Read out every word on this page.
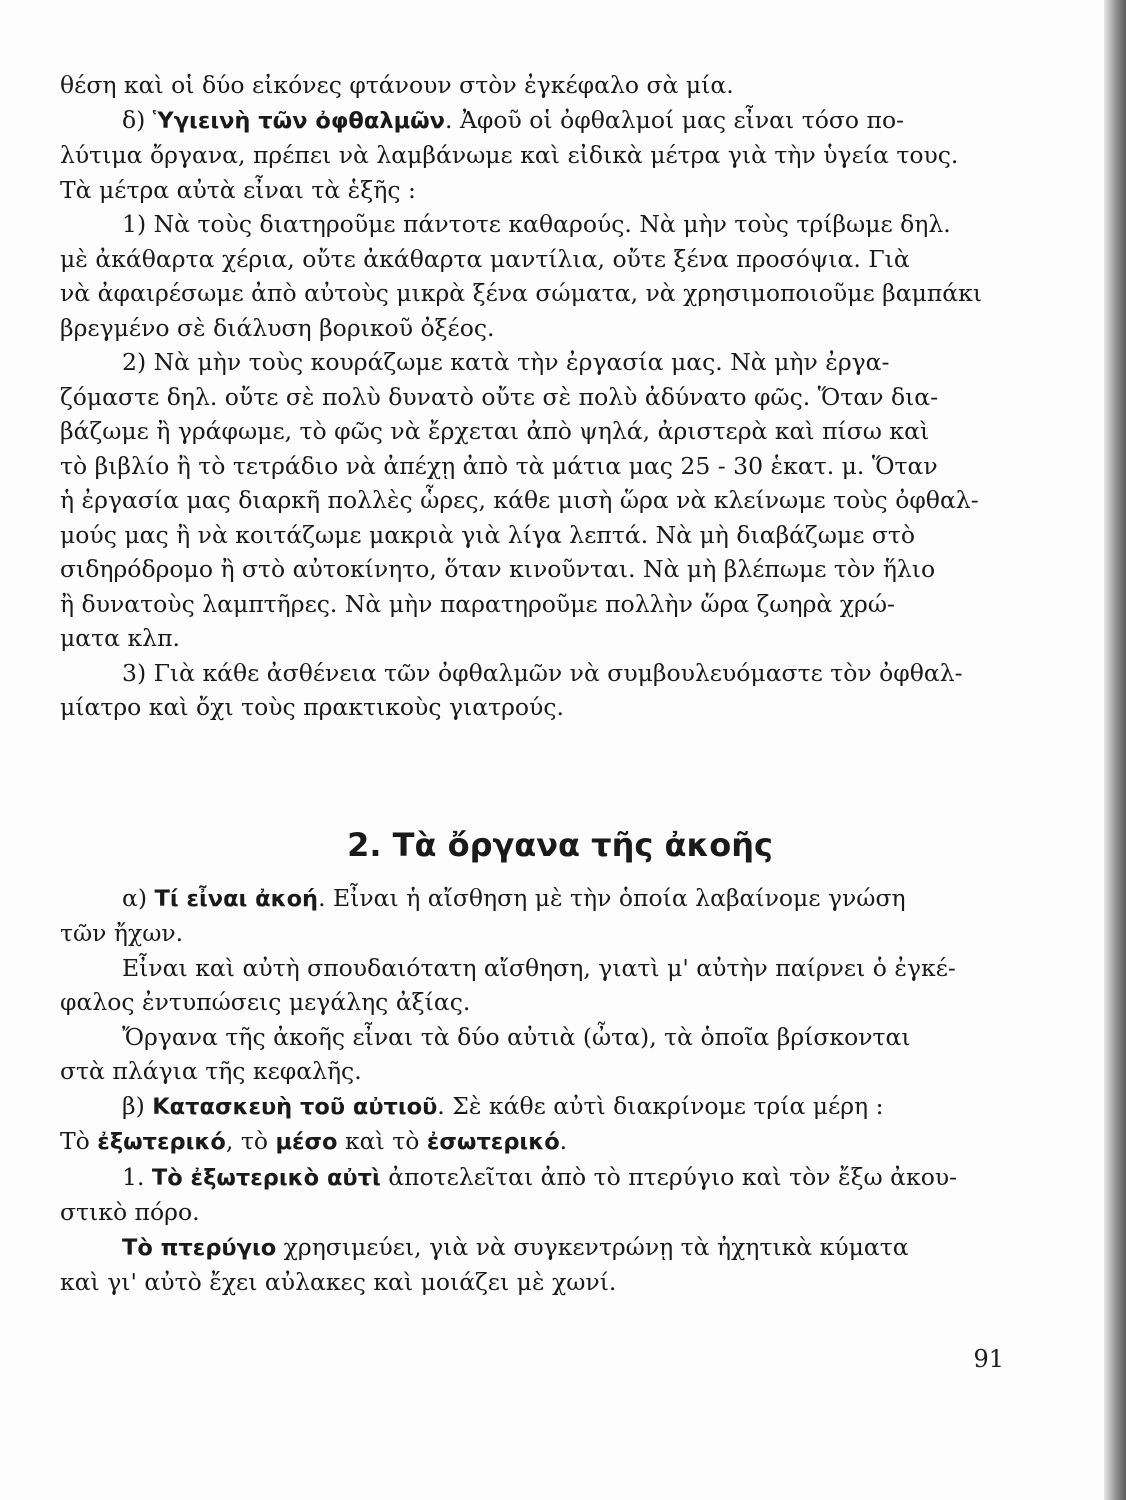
θέση καὶ οἱ δύο εἰκόνες φτάνουν στὸν ἐγκέφαλο σὰ μία.
δ) Ὑγιεινὴ τῶν ὀφθαλμῶν. Ἀφοῦ οἱ ὀφθαλμοί μας εἶναι τόσο πο-
λύτιμα ὄργανα, πρέπει νὰ λαμβάνωμε καὶ εἰδικὰ μέτρα γιὰ τὴν ὑγεία τους.
Τὰ μέτρα αὐτὰ εἶναι τὰ ἑξῆς :
1) Νὰ τοὺς διατηροῦμε πάντοτε καθαρούς. Νὰ μὴν τοὺς τρίβωμε δηλ.
μὲ ἀκάθαρτα χέρια, οὔτε ἀκάθαρτα μαντίλια, οὔτε ξένα προσόψια. Γιὰ
νὰ ἀφαιρέσωμε ἀπὸ αὐτοὺς μικρὰ ξένα σώματα, νὰ χρησιμοποιοῦμε βαμπάκι
βρεγμένο σὲ διάλυση βορικοῦ ὀξέος.
2) Νὰ μὴν τοὺς κουράζωμε κατὰ τὴν ἐργασία μας. Νὰ μὴν ἐργα-
ζόμαστε δηλ. οὔτε σὲ πολὺ δυνατὸ οὔτε σὲ πολὺ ἀδύνατο φῶς. Ὅταν δια-
βάζωμε ἢ γράφωμε, τὸ φῶς νὰ ἔρχεται ἀπὸ ψηλά, ἀριστερὰ καὶ πίσω καὶ
τὸ βιβλίο ἢ τὸ τετράδιο νὰ ἀπέχῃ ἀπὸ τὰ μάτια μας 25 - 30 ἑκατ. μ. Ὅταν
ἡ ἐργασία μας διαρκῆ πολλὲς ὧρες, κάθε μισὴ ὥρα νὰ κλείνωμε τοὺς ὀφθαλ-
μούς μας ἢ νὰ κοιτάζωμε μακριὰ γιὰ λίγα λεπτά. Νὰ μὴ διαβάζωμε στὸ
σιδηρόδρομο ἢ στὸ αὐτοκίνητο, ὅταν κινοῦνται. Νὰ μὴ βλέπωμε τὸν ἥλιο
ἢ δυνατοὺς λαμπτῆρες. Νὰ μὴν παρατηροῦμε πολλὴν ὥρα ζωηρὰ χρώ-
ματα κλπ.
3) Γιὰ κάθε ἀσθένεια τῶν ὀφθαλμῶν νὰ συμβουλευόμαστε τὸν ὀφθαλ-
μίατρο καὶ ὄχι τοὺς πρακτικοὺς γιατρούς.
2. Τὰ ὄργανα τῆς ἀκοῆς
α) Τί εἶναι ἀκοή. Εἶναι ἡ αἴσθηση μὲ τὴν ὁποία λαβαίνομε γνώση
τῶν ἤχων.
Εἶναι καὶ αὐτὴ σπουδαιότατη αἴσθηση, γιατὶ μ' αὐτὴν παίρνει ὁ ἐγκέ-
φαλος ἐντυπώσεις μεγάλης ἀξίας.
Ὄργανα τῆς ἀκοῆς εἶναι τὰ δύο αὐτιὰ (ὦτα), τὰ ὁποῖα βρίσκονται
στὰ πλάγια τῆς κεφαλῆς.
β) Κατασκευὴ τοῦ αὐτιοῦ. Σὲ κάθε αὐτὶ διακρίνομε τρία μέρη :
Τὸ ἐξωτερικό, τὸ μέσο καὶ τὸ ἐσωτερικό.
1. Τὸ ἐξωτερικὸ αὐτὶ ἀποτελεῖται ἀπὸ τὸ πτερύγιο καὶ τὸν ἔξω ἀκου-
στικὸ πόρο.
Τὸ πτερύγιο χρησιμεύει, γιὰ νὰ συγκεντρώνῃ τὰ ἠχητικὰ κύματα
καὶ γι' αὐτὸ ἔχει αὐλακες καὶ μοιάζει μὲ χωνί.
91
